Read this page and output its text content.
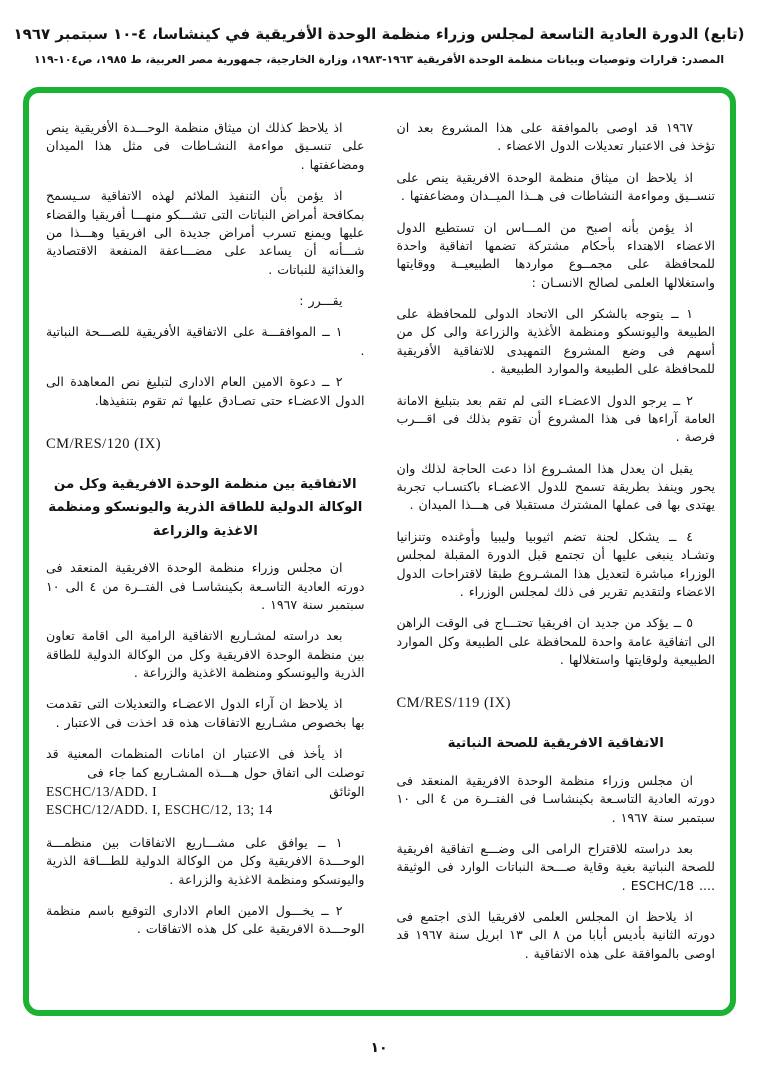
(تابع) الدورة العادية التاسعة لمجلس وزراء منظمة الوحدة الأفريقية في كينشاسا، ٤-١٠ سبتمبر ١٩٦٧
المصدر: قرارات وتوصيات وبيانات منظمة الوحدة الأفريقية ١٩٦٣-١٩٨٣، وزارة الخارجية، جمهورية مصر العربية، ط ١٩٨٥، ص١٠٤-١١٩

١٩٦٧ قد اوصى بالموافقة على هذا المشروع بعد ان تؤخذ فى الاعتبار تعديلات الدول الاعضاء .

اذ يلاحظ ان ميثاق منظمة الوحدة الافريقية ينص على تنســيق ومواءمة النشاطات فى هــذا الميــدان ومضاعفتها .

اذ يؤمن بأنه اصبح من المـــاس ان تستطيع الدول الاعضاء الاهتداء بأحكام مشتركة تضمها اتفاقية واحدة للمحافظة على مجمــوع مواردها الطبيعيــة ووقايتها واستغلالها العلمى لصالح الانسـان :

١ ــ يتوجه بالشكر الى الاتحاد الدولى للمحافظة على الطبيعة واليونسكو ومنظمة الأغذية والزراعة والى كل من أسهم فى وضع المشروع التمهيدى للاتفاقية الأفريقية للمحافظة على الطبيعة والموارد الطبيعية .

٢ ــ يرجو الدول الاعضـاء التى لم تقم بعد بتبليغ الامانة العامة آراءها فى هذا المشروع أن تقوم بذلك فى اقـــرب فرصة .

يقبل ان يعدل هذا المشـروع اذا دعت الحاجة لذلك وان يحور وينفذ بطريقة تسمح للدول الاعضـاء باكتسـاب تجربة يهتدى بها فى عملها المشترك مستقبلا فى هـــذا الميدان .

٤ ــ يشكل لجنة تضم اثيوبيا وليبيا وأوغنده وتنزانيا وتشـاد ينبغى عليها أن تجتمع قبل الدورة المقبلة لمجلس الوزراء مباشرة لتعديل هذا المشـروع طبقا لاقتراحات الدول الاعضاء ولتقديم تقرير فى ذلك لمجلس الوزراء .

٥ ــ يؤكد من جديد ان افريقيا تحتـــاج فى الوقت الراهن الى اتفاقية عامة واحدة للمحافظة على الطبيعة وكل الموارد الطبيعية ولوقايتها واستغلالها .

CM/RES/119 (IX)
الاتفاقية الافريقية للصحة النباتية

ان مجلس وزراء منظمة الوحدة الافريقية المنعقد فى دورته العادية التاسـعة بكينشاسـا فى الفتــرة من ٤ الى ١٠ سبتمبر سنة ١٩٦٧ .

بعد دراسته للاقتراح الرامى الى وضـــع اتفاقية افريقية للصحة النباتية بغية وقاية صـــحة النباتات الوارد فى الوثيقة .... ESCHC/18 .

اذ يلاحظ ان المجلس العلمى لافريقيا الذى اجتمع فى دورته الثانية بأديس أبابا من ٨ الى ١٣ ابريل سنة ١٩٦٧ قد اوصى بالموافقة على هذه الاتفاقية .

اذ يلاحظ كذلك ان ميثاق منظمة الوحـــدة الأفريقية ينص على تنسـيق مواءمة النشـاطات فى مثل هذا الميدان ومضاعفتها .

اذ يؤمن بأن التنفيذ الملائم لهذه الاتفاقية سـيسمح بمكافحة أمراض النباتات التى تشـــكو منهـــا أفريقيا والقضاء عليها ويمنع تسرب أمراض جديدة الى افريقيا وهـــذا من شـــأنه أن يساعد على مضـــاعفة المنفعة الاقتصادية والغذائية للنباتات .

يقـــرر :

١ ــ الموافقـــة على الاتفاقية الأفريقية للصـــحة النباتية .

٢ ــ دعوة الامين العام الادارى لتبليغ نص المعاهدة الى الدول الاعضـاء حتى تصـادق عليها ثم تقوم بتنفيذها.

CM/RES/120 (IX)
الاتفاقية بين منظمة الوحدة الافريقية وكل من الوكالة الدولية للطاقة الذرية واليونسكو ومنظمة الاغذية والزراعة

ان مجلس وزراء منظمة الوحدة الافريقية المنعقد فى دورته العادية التاسـعة بكينشاسـا فى الفتــرة من ٤ الى ١٠ سبتمبر سنة ١٩٦٧ .

بعد دراسته لمشـاريع الاتفاقية الرامية الى اقامة تعاون بين منظمة الوحدة الافريقية وكل من الوكالة الدولية للطاقة الذرية واليونسكو ومنظمة الاغذية والزراعة .

اذ يلاحظ ان آراء الدول الاعضـاء والتعديلات التى تقدمت بها بخصوص مشـاريع الاتفاقات هذه قد اخذت فى الاعتبار .

اذ يأخذ فى الاعتبار ان امانات المنظمات المعنية قد توصلت الى اتفاق حول هـــذه المشـاريع كما جاء فى

الوثائق
ESCHC/13/ADD. I
ESCHC/12/ADD. I, ESCHC/12, 13; 14

١ ــ يوافق على مشـــاريع الاتفاقات بين منظمـــة الوحـــدة الافريقية وكل من الوكالة الدولية للطـــاقة الذرية واليونسكو ومنظمة الاغذية والزراعة .

٢ ــ يخـــول الامين العام الادارى التوقيع باسم منظمة الوحـــدة الافريقية على كل هذه الاتفاقات .

١٠
